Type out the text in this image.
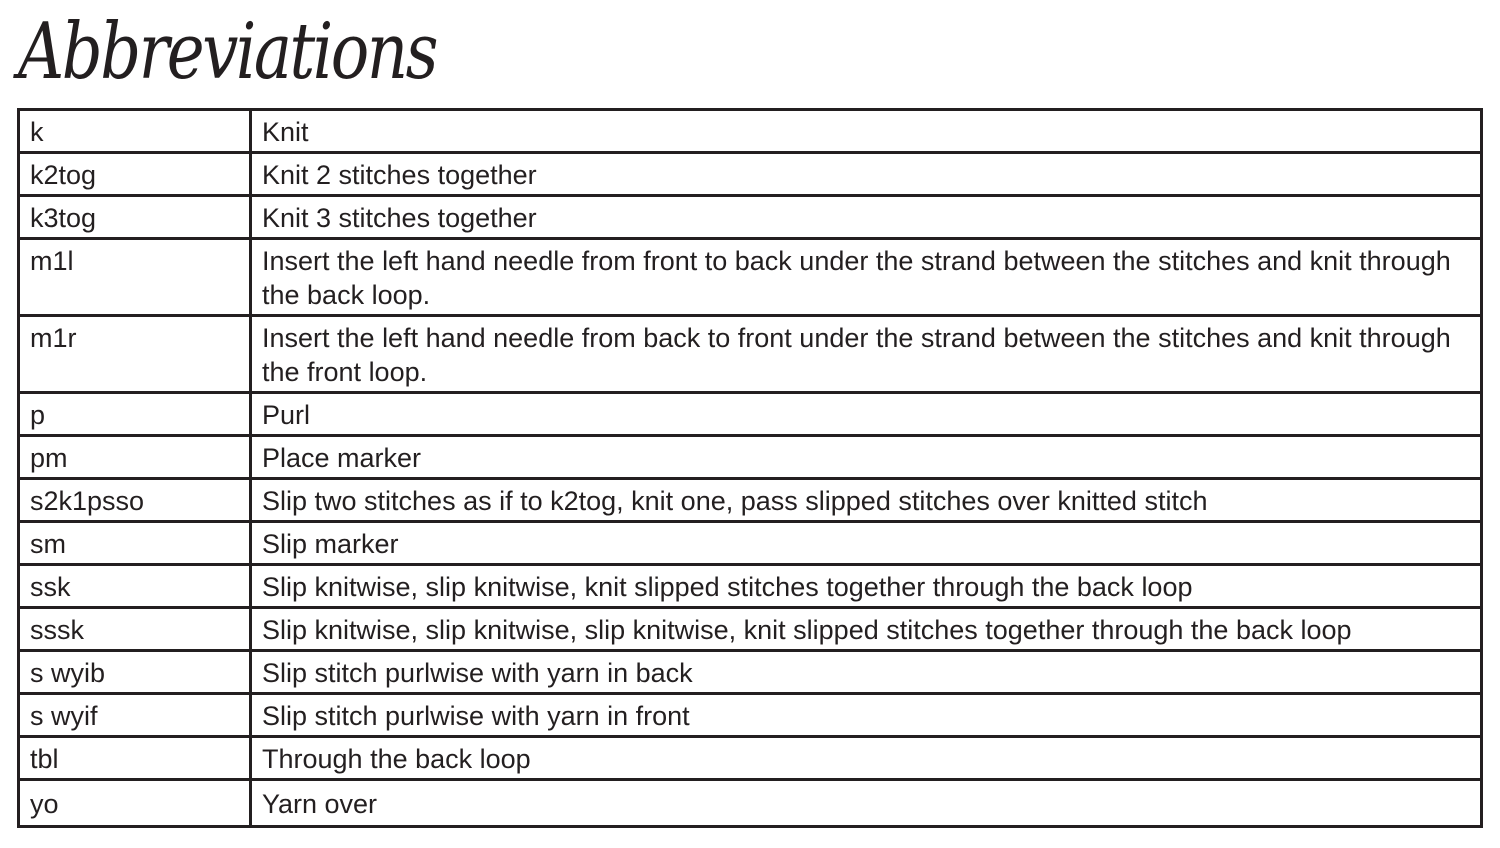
Abbreviations
k	Knit
k2tog	Knit 2 stitches together
k3tog	Knit 3 stitches together
m1l	Insert the left hand needle from front to back under the strand between the stitches and knit through the back loop.
m1r	Insert the left hand needle from back to front under the strand between the stitches and knit through the front loop.
p	Purl
pm	Place marker
s2k1psso	Slip two stitches as if to k2tog, knit one, pass slipped stitches over knitted stitch
sm	Slip marker
ssk	Slip knitwise, slip knitwise, knit slipped stitches together through the back loop
sssk	Slip knitwise, slip knitwise, slip knitwise, knit slipped stitches together through the back loop
s wyib	Slip stitch purlwise with yarn in back
s wyif	Slip stitch purlwise with yarn in front
tbl	Through the back loop
yo	Yarn over
